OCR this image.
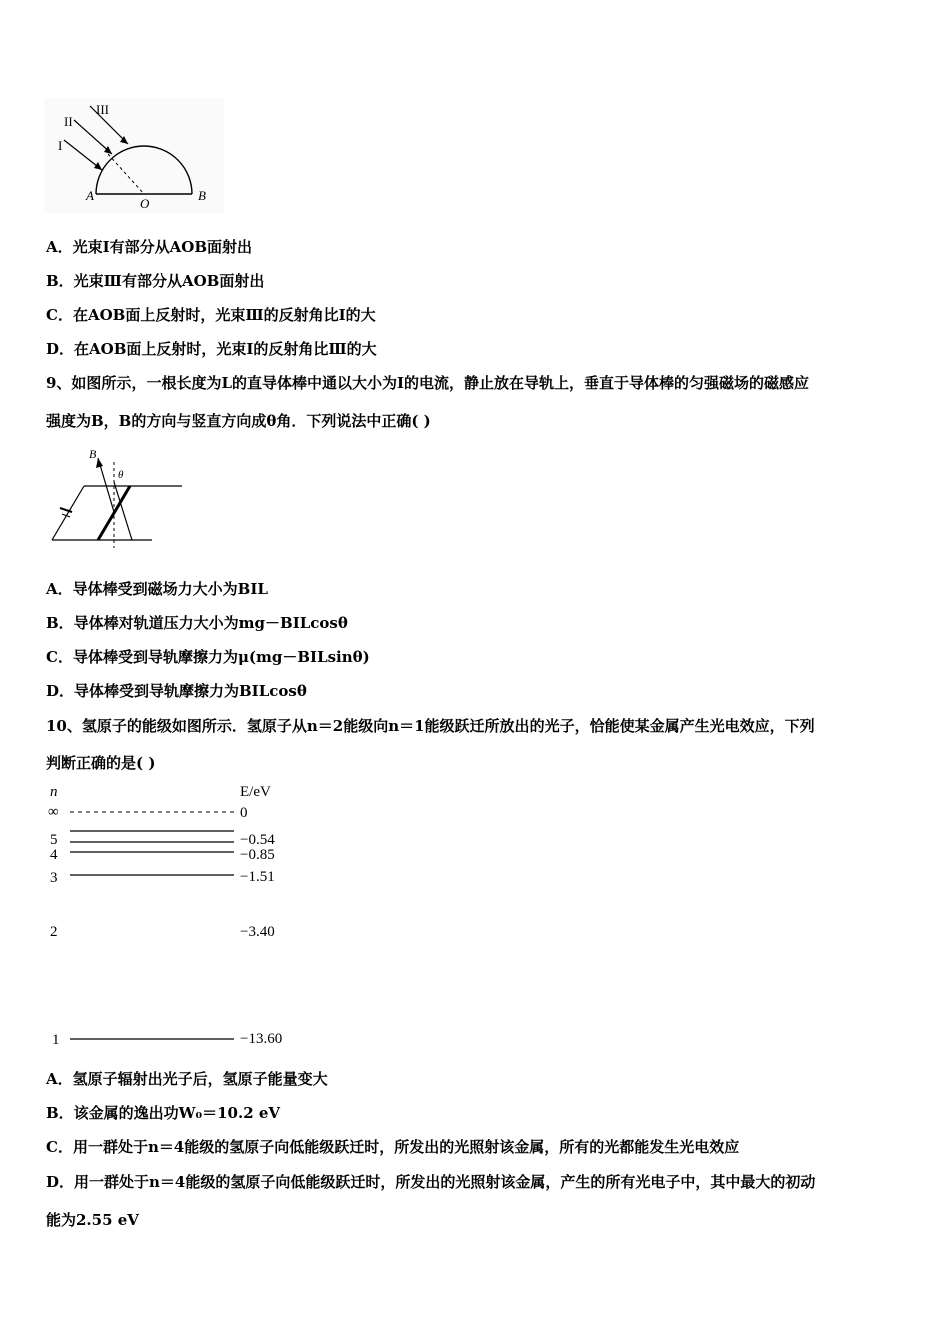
III
II
I
A
O
B
A．光束Ⅰ有部分从AOB面射出
B．光束Ⅲ有部分从AOB面射出
C．在AOB面上反射时，光束Ⅲ的反射角比Ⅰ的大
D．在AOB面上反射时，光束Ⅰ的反射角比Ⅲ的大
9、如图所示，一根长度为L的直导体棒中通以大小为I的电流，静止放在导轨上，垂直于导体棒的匀强磁场的磁感应
强度为B，B的方向与竖直方向成θ角．下列说法中正确( )
B
θ
A．导体棒受到磁场力大小为BIL
B．导体棒对轨道压力大小为mg－BILcosθ
C．导体棒受到导轨摩擦力为μ(mg－BILsinθ)
D．导体棒受到导轨摩擦力为BILcosθ
10、氢原子的能级如图所示．氢原子从n＝2能级向n＝1能级跃迁所放出的光子，恰能使某金属产生光电效应，下列
判断正确的是( )
n	E/eV
∞	0
5	−0.54
4	−0.85
3	−1.51
2	−3.40
1	−13.60
A．氢原子辐射出光子后，氢原子能量变大
B．该金属的逸出功W₀＝10.2 eV
C．用一群处于n＝4能级的氢原子向低能级跃迁时，所发出的光照射该金属，所有的光都能发生光电效应
D．用一群处于n＝4能级的氢原子向低能级跃迁时，所发出的光照射该金属，产生的所有光电子中，其中最大的初动
能为2.55 eV
